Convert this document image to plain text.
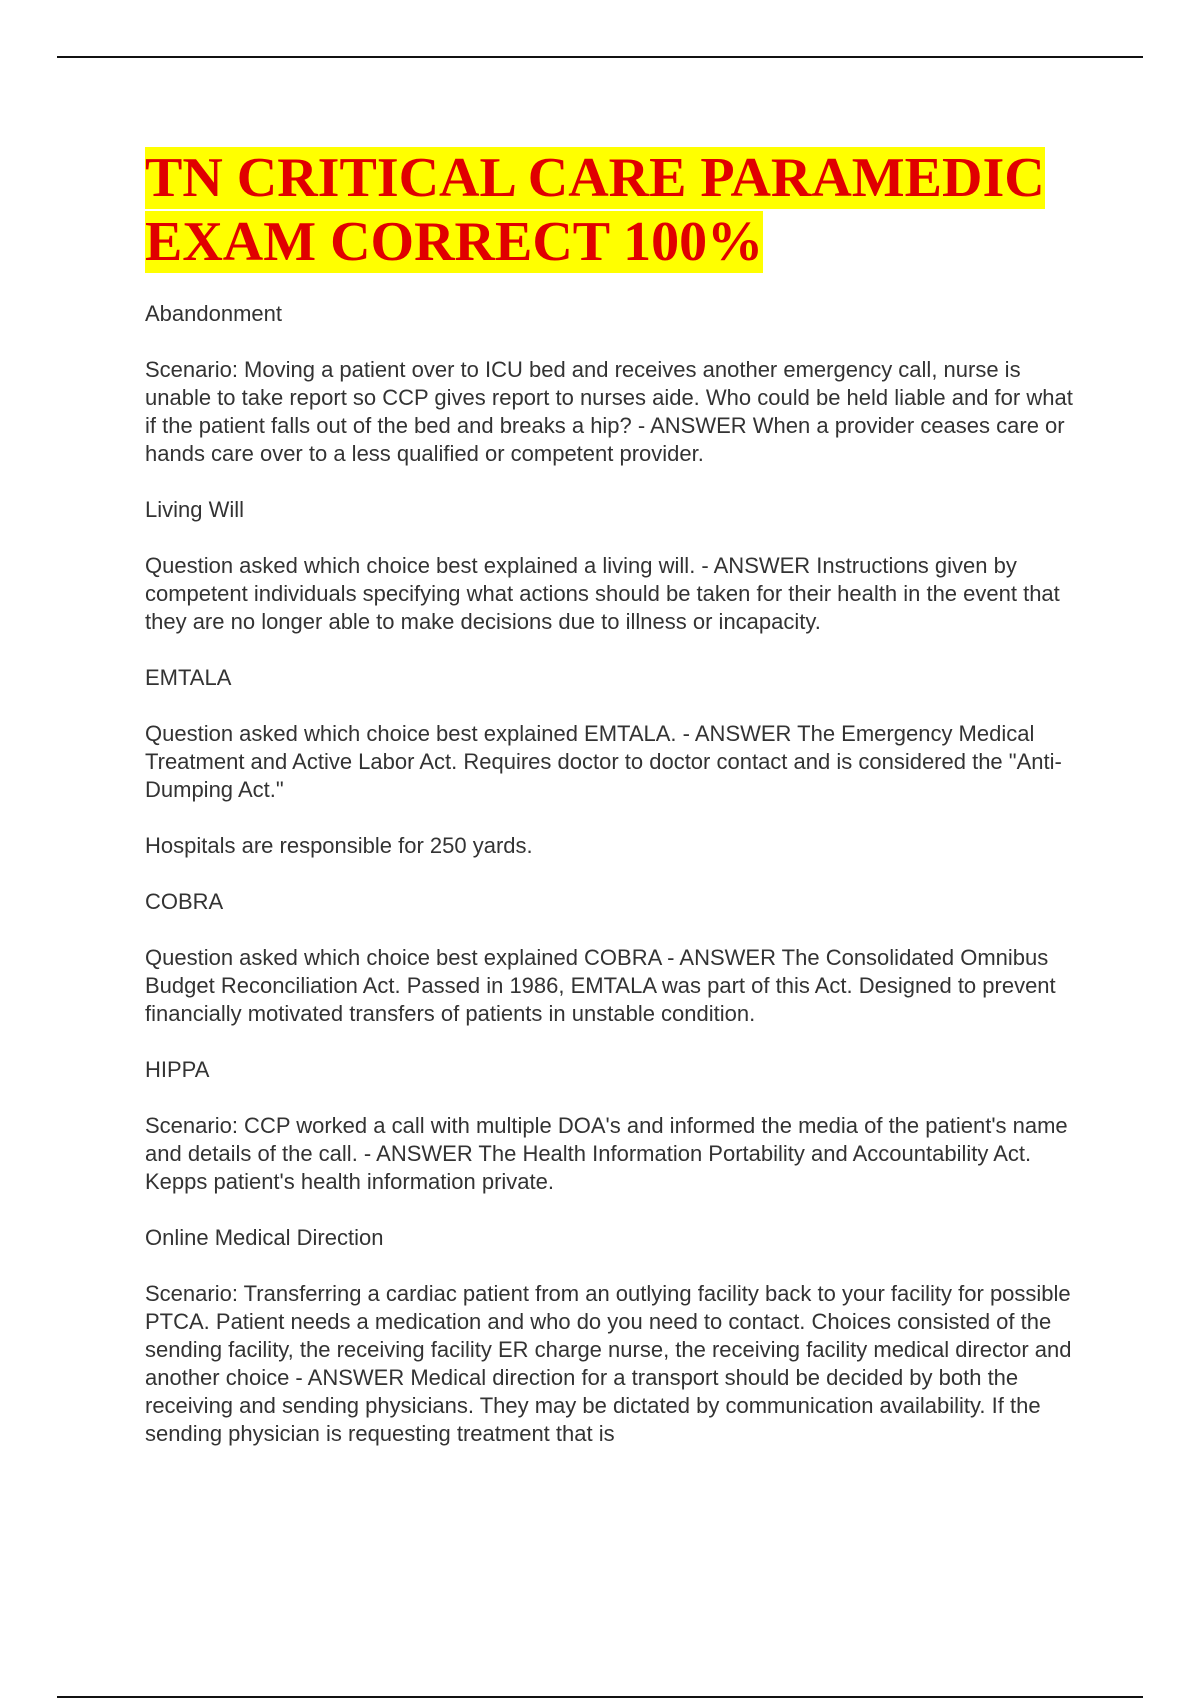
TN CRITICAL CARE PARAMEDIC
EXAM CORRECT 100%

Abandonment

Scenario: Moving a patient over to ICU bed and receives another emergency call, nurse is unable to take report so CCP gives report to nurses aide. Who could be held liable and for what if the patient falls out of the bed and breaks a hip? - ANSWER When a provider ceases care or hands care over to a less qualified or competent provider.

Living Will

Question asked which choice best explained a living will. - ANSWER Instructions given by competent individuals specifying what actions should be taken for their health in the event that they are no longer able to make decisions due to illness or incapacity.

EMTALA

Question asked which choice best explained EMTALA. - ANSWER The Emergency Medical Treatment and Active Labor Act. Requires doctor to doctor contact and is considered the "Anti-Dumping Act."

Hospitals are responsible for 250 yards.

COBRA

Question asked which choice best explained COBRA - ANSWER The Consolidated Omnibus Budget Reconciliation Act. Passed in 1986, EMTALA was part of this Act. Designed to prevent financially motivated transfers of patients in unstable condition.

HIPPA

Scenario: CCP worked a call with multiple DOA's and informed the media of the patient's name and details of the call. - ANSWER The Health Information Portability and Accountability Act. Kepps patient's health information private.

Online Medical Direction

Scenario: Transferring a cardiac patient from an outlying facility back to your facility for possible PTCA. Patient needs a medication and who do you need to contact. Choices consisted of the sending facility, the receiving facility ER charge nurse, the receiving facility medical director and another choice - ANSWER Medical direction for a transport should be decided by both the receiving and sending physicians. They may be dictated by communication availability. If the sending physician is requesting treatment that is
